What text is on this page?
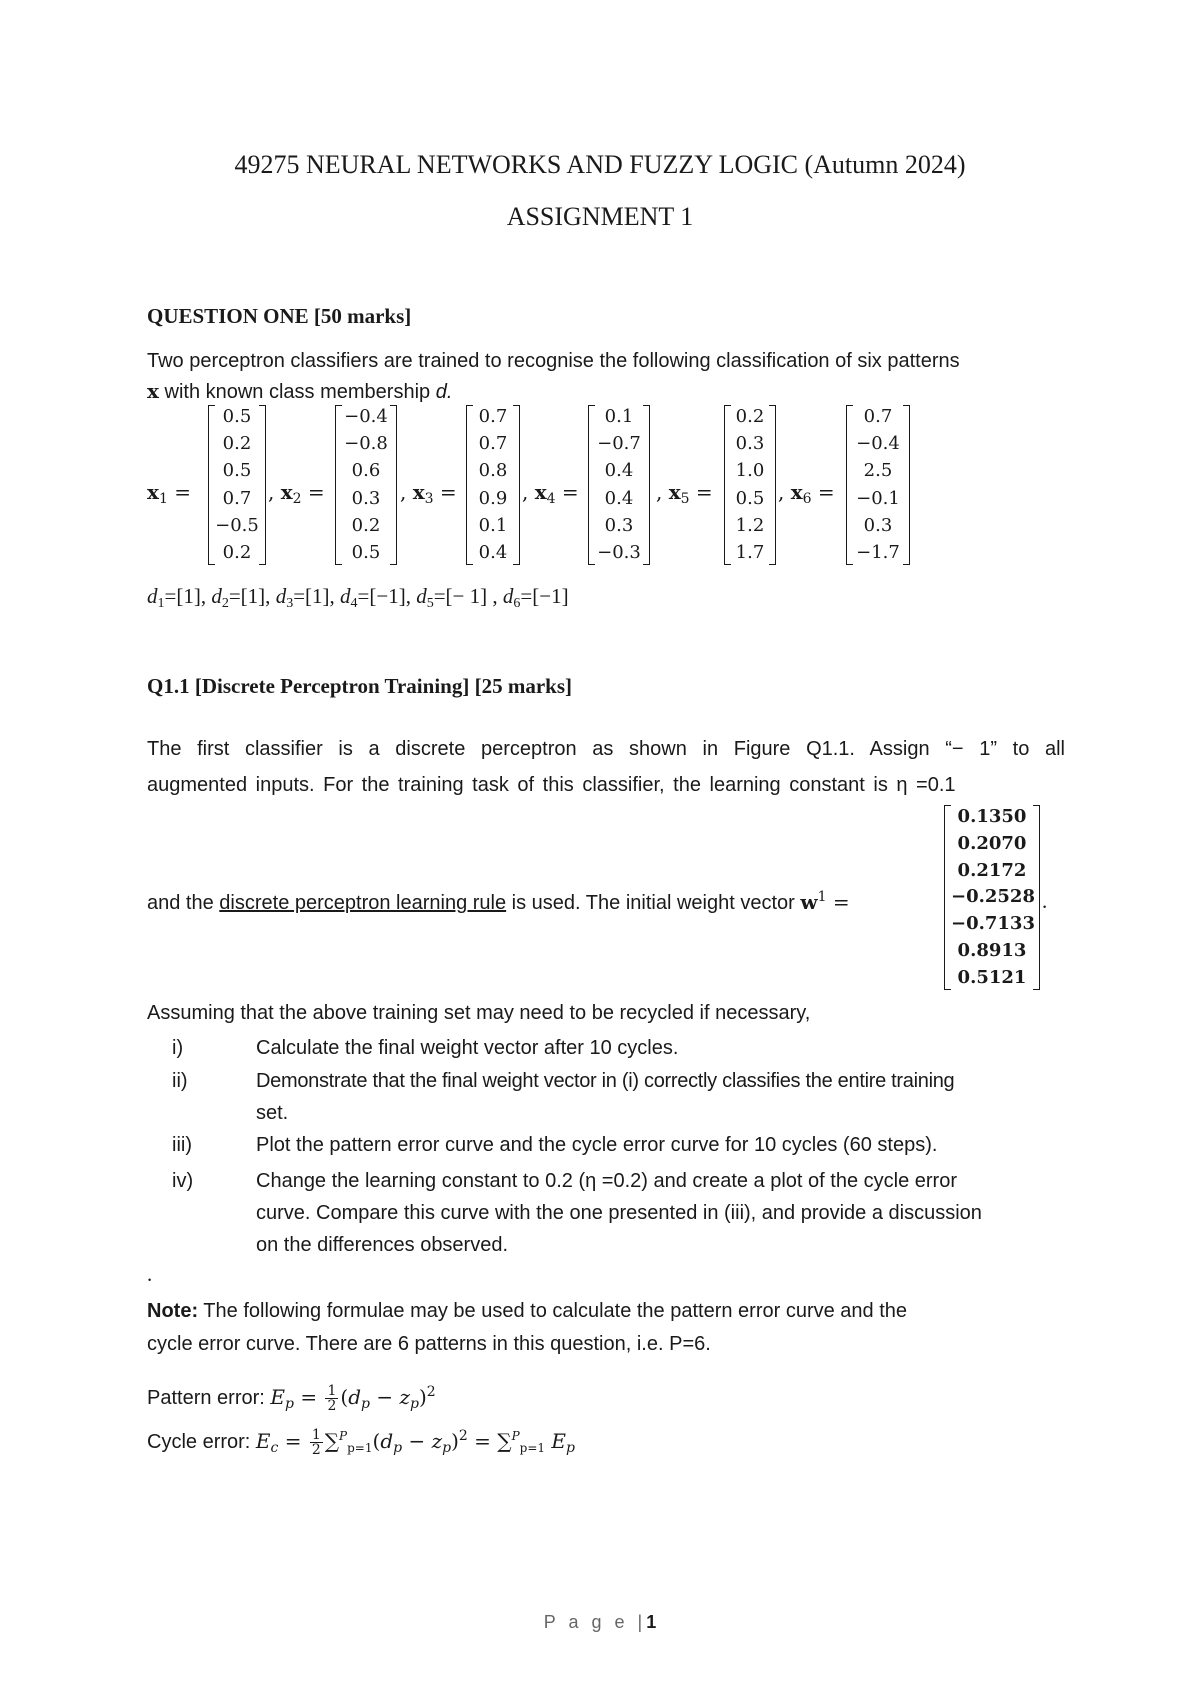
49275 NEURAL NETWORKS AND FUZZY LOGIC (Autumn 2024)
ASSIGNMENT 1
QUESTION ONE [50 marks]
Two perceptron classifiers are trained to recognise the following classification of six patterns
x with known class membership d.
$x_1$ =
0.5
0.2
0.5
0.7
−0.5
0.2
, $x_2$ =
−0.4
−0.8
0.6
0.3
0.2
0.5
, $x_3$ =
0.7
0.7
0.8
0.9
0.1
0.4
, $x_4$ =
0.1
−0.7
0.4
0.4
0.3
−0.3
, $x_5$ =
0.2
0.3
1.0
0.5
1.2
1.7
, $x_6$ =
0.7
−0.4
2.5
−0.1
0.3
−1.7
$d_1=[1]$, $d_2=[1]$, $d_3=[1]$, $d_4=[-1]$, $d_5=[- 1]$ , $d_6=[-1]$
Q1.1 [Discrete Perceptron Training] [25 marks]
The first classifier is a discrete perceptron as shown in Figure Q1.1. Assign “− 1” to all
augmented inputs. For the training task of this classifier, the learning constant is η =0.1
and the discrete perceptron learning rule is used. The initial weight vector $w^1$ =
0.1350
0.2070
0.2172
−0.2528
−0.7133
0.8913
0.5121
.
Assuming that the above training set may need to be recycled if necessary,
i)	Calculate the final weight vector after 10 cycles.
ii)	Demonstrate that the final weight vector in (i) correctly classifies the entire training
set.
iii)	Plot the pattern error curve and the cycle error curve for 10 cycles (60 steps).
iv)	Change the learning constant to 0.2 (η =0.2) and create a plot of the cycle error
curve. Compare this curve with the one presented in (iii), and provide a discussion
on the differences observed.
.
Note: The following formulae may be used to calculate the pattern error curve and the
cycle error curve. There are 6 patterns in this question, i.e. P=6.
Pattern error: $E_p = \frac{1}{2} (d_p - z_p)^2$
Cycle error: $E_c = \frac{1}{2} \sum^P_{p=1}(d_p - z_p)^2 = \sum^P_{p=1}$ $E_p$
P a g e |1
